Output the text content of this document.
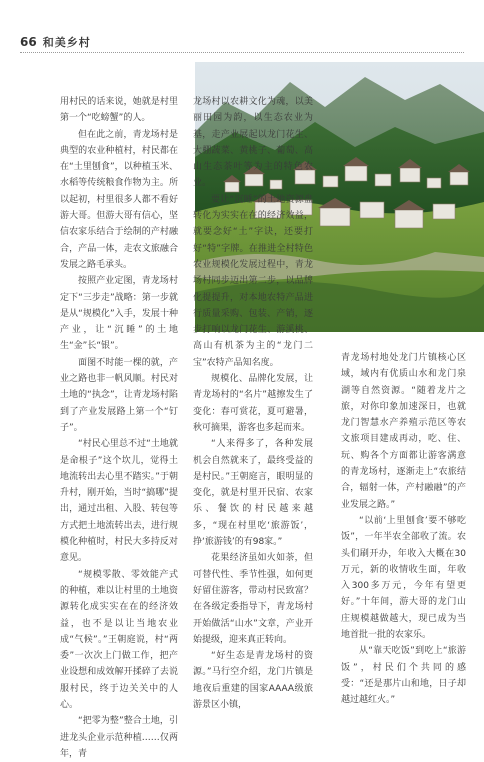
66 和美乡村

用村民的话来说，她就是村里第一个“吃螃蟹”的人。

但在此之前，青龙场村是典型的农业种植村，村民都在在“土里刨食”，以种植玉米、水稻等传统粮食作物为主。所以起初，村里很多人都不看好游大哥。但游大哥有信心，坚信农家乐结合于绘制的产村融合，产品一体，走农文旅融合发展之路毛承头。

按照产业定图，青龙场村定下“三步走”战略：第一步就是从“规模化”入手，发展十种产业，让“沉睡”的土地生“金”长“银”。

面图不时能一棵的就，产业之路也非一帆风顺。村民对土地的“执念”，让青龙场村陷到了产业发展路上第一个“钉子”。

“村民心里总不过“土地就是命根子”这个坎儿，觉得土地流转出去心里不踏实。”于朝升村，刚开始，当时“搞哪”提出，通过出租、入股、转包等方式把土地流转出去，进行规模化种植时，村民大多持反对意见。

“规模零散、零效能产式的种植，难以让村里的土地资源转化成实实在在的经济效益，也不是以让当地农业成“气候”。”王朝庭说，村“两委”一次次上门做工作，把产业设想和成效解开揉碎了去说服村民，终于边关关中的人心。

“把零为整”整合土地，引进龙头企业示范种植……仅两年，青

龙场村以农耕文化为魂，以美丽田园为韵，以生态农业为基，走产业展起以龙门花生、大棚蔬菜、黄桃子、葡萄、高山生态茶叶等为主的特色农业。

要让“沉睡”的土地资源盘转化为实实在在的经济效益，就要念好“土”字诀，还要打好“特”字牌。在推进全村特色农业规模化发展过程中，青龙场村同步迈出第二步，以品牌化提提升，对本地农特产品进行质量采购、包装、产销，逐步打响以龙门花生、游溪桃、高山有机茶为主的“龙门二宝”农特产品知名度。

规模化、品牌化发展，让青龙场村的“名片”越擦发生了变化：春可赏花，夏可避暑，秋可摘果，游客也多起而来。

“人来得多了，各种发展机会自然就来了，最终受益的是村民。”王朝庭言，眼明显的变化，就是村里开民宿、农家乐、餐饮的村民越来越多，“现在村里吃‘旅游饭’，挣‘旅游钱’的有98家。”

花果经济虽如火如荼，但可替代性、季节性强，如何更好留住游客，带动村民致富？在各级定委指导下，青龙场村开始做活“山水”文章，产业开始提级，迎来真正转向。

“好生态是青龙场村的资源。”马行空介绍，龙门片镇是地夜后重建的国家AAAA级旅游景区小镇，

青龙场村地处龙门片镇核心区域，域内有优质山水和龙门泉湖等自然资源。“随着龙片之旅，对你印象加速深日，也就龙门智慧水产养殖示范区等农文旅项目建成再动，吃、住、玩、购各个方面都让游客满意的青龙场村，逐渐走上“农旅结合，辐射一体，产村融融”的产业发展之路。”

“以前‘上里刨食’要不够吃饭”，一年半农全部收了流。农头们刷开办，年收入大概在30万元，新的收情收生面，年收入300多万元，今年有望更好。”十年间，游大哥的龙门山庄规模越做越大，现已成为当地首批一批的农家乐。

从“靠天吃饭”到吃上“旅游饭”，村民们个共同的感受：“还是那片山和地，日子却越过越红火。”
